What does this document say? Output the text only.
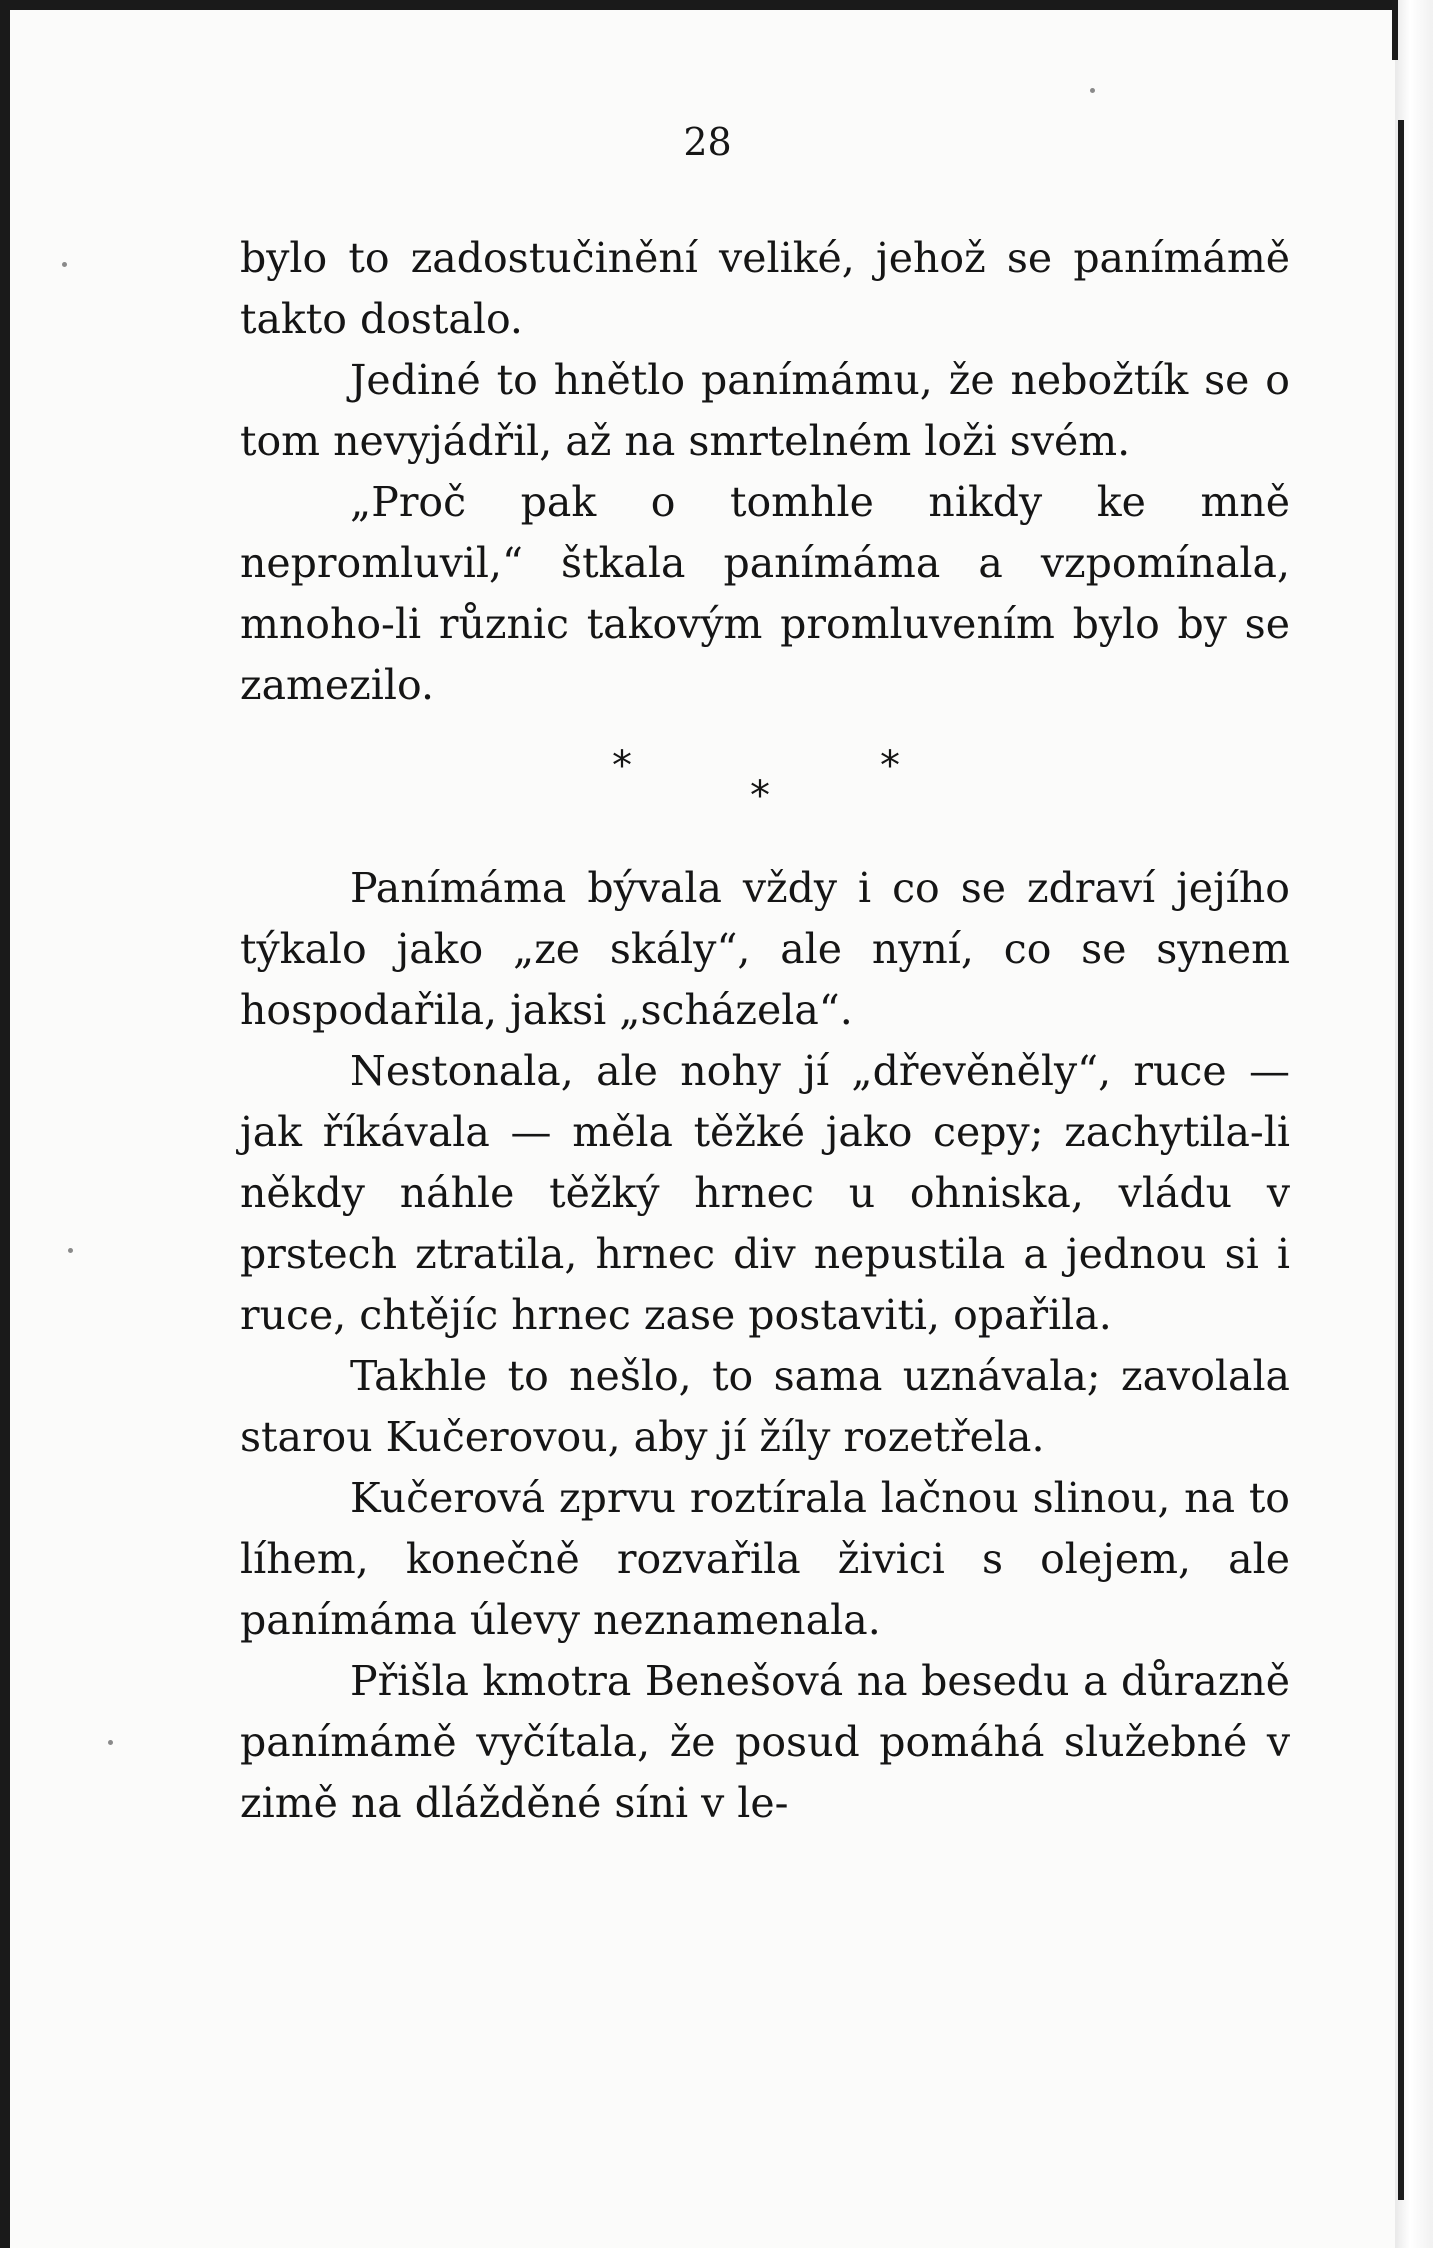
28

bylo to zadostučinění veliké, jehož se panímámě takto dostalo.

Jediné to hnětlo panímámu, že nebožtík se o tom nevyjádřil, až na smrtelném loži svém.

„Proč pak o tomhle nikdy ke mně nepromluvil,“ štkala panímáma a vzpomínala, mnoho-li různic takovým promluvením bylo by se zamezilo.

*
*
*

Panímáma bývala vždy i co se zdraví jejího týkalo jako „ze skály“, ale nyní, co se synem hospodařila, jaksi „scházela“.

Nestonala, ale nohy jí „dřevěněly“, ruce — jak říkávala — měla těžké jako cepy; zachytila-li někdy náhle těžký hrnec u ohniska, vládu v prstech ztratila, hrnec div nepustila a jednou si i ruce, chtějíc hrnec zase postaviti, opařila.

Takhle to nešlo, to sama uznávala; zavolala starou Kučerovou, aby jí žíly rozetřela.

Kučerová zprvu roztírala lačnou slinou, na to líhem, konečně rozvařila živici s olejem, ale panímáma úlevy neznamenala.

Přišla kmotra Benešová na besedu a důrazně panímámě vyčítala, že posud pomáhá služebné v zimě na dlážděné síni v le-
